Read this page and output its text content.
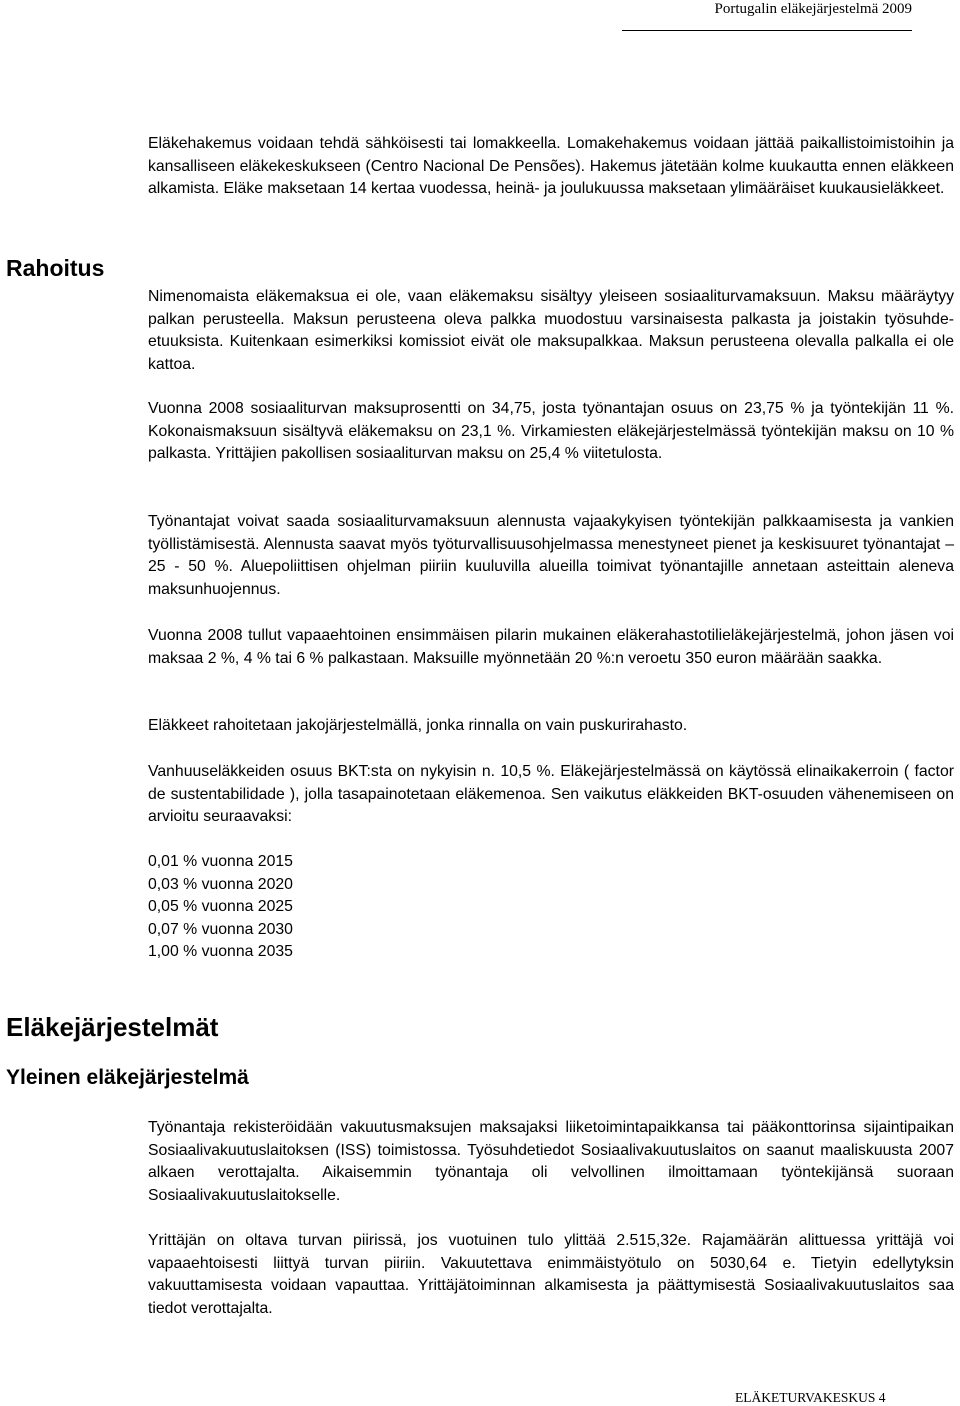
Portugalin eläkejärjestelmä 2009

Eläkehakemus voidaan tehdä sähköisesti tai lomakkeella. Lomakehakemus voidaan jättää paikallistoimistoihin ja kansalliseen eläkekeskukseen (Centro Nacional De Pensões). Hakemus jätetään kolme kuukautta ennen eläkkeen alkamista. Eläke maksetaan 14 kertaa vuodessa, heinä- ja joulukuussa maksetaan ylimääräiset kuukausieläkkeet.

Rahoitus

Nimenomaista eläkemaksua ei ole, vaan eläkemaksu sisältyy yleiseen sosiaaliturvamaksuun. Maksu määräytyy palkan perusteella. Maksun perusteena oleva palkka muodostuu varsinaisesta palkasta ja joistakin työsuhde-etuuksista. Kuitenkaan esimerkiksi komissiot eivät ole maksupalkkaa. Maksun perusteena olevalla palkalla ei ole kattoa.

Vuonna 2008 sosiaaliturvan maksuprosentti on 34,75, josta työnantajan osuus on 23,75 % ja työntekijän 11 %. Kokonaismaksuun sisältyvä eläkemaksu on 23,1 %. Virkamiesten eläkejärjestelmässä työntekijän maksu on 10 % palkasta. Yrittäjien pakollisen sosiaaliturvan maksu on 25,4 % viitetulosta.

Työnantajat voivat saada sosiaaliturvamaksuun alennusta vajaakykyisen työntekijän palkkaamisesta ja vankien työllistämisestä. Alennusta saavat myös työturvallisuusohjelmassa menestyneet pienet ja keskisuuret työnantajat – 25 - 50 %. Aluepoliittisen ohjelman piiriin kuuluvilla alueilla toimivat työnantajille annetaan asteittain aleneva maksunhuojennus.

Vuonna 2008 tullut vapaaehtoinen ensimmäisen pilarin mukainen eläkerahastotilieläkejärjestelmä, johon jäsen voi maksaa 2 %, 4 % tai 6 % palkastaan. Maksuille myönnetään 20 %:n veroetu 350 euron määrään saakka.

Eläkkeet rahoitetaan jakojärjestelmällä, jonka rinnalla on vain puskurirahasto.

Vanhuuseläkkeiden osuus BKT:sta on nykyisin n. 10,5 %. Eläkejärjestelmässä on käytössä elinaikakerroin ( factor de sustentabilidade ), jolla tasapainotetaan eläkemenoa. Sen vaikutus eläkkeiden BKT-osuuden vähenemiseen on arvioitu seuraavaksi:

0,01 % vuonna 2015
0,03 % vuonna 2020
0,05 % vuonna 2025
0,07 % vuonna 2030
1,00 % vuonna 2035
Eläkejärjestelmät
Yleinen eläkejärjestelmä

Työnantaja rekisteröidään vakuutusmaksujen maksajaksi liiketoimintapaikkansa tai pääkonttorinsa sijaintipaikan Sosiaalivakuutuslaitoksen (ISS) toimistossa. Työsuhdetiedot Sosiaalivakuutuslaitos on saanut maaliskuusta 2007 alkaen verottajalta. Aikaisemmin työnantaja oli velvollinen ilmoittamaan työntekijänsä suoraan Sosiaalivakuutuslaitokselle.

Yrittäjän on oltava turvan piirissä, jos vuotuinen tulo ylittää 2.515,32e. Rajamäärän alittuessa yrittäjä voi vapaaehtoisesti liittyä turvan piiriin. Vakuutettava enimmäistyötulo on 5030,64 e. Tietyin edellytyksin vakuuttamisesta voidaan vapauttaa. Yrittäjätoiminnan alkamisesta ja päättymisestä Sosiaalivakuutuslaitos saa tiedot verottajalta.

ELÄKETURVAKESKUS 4
